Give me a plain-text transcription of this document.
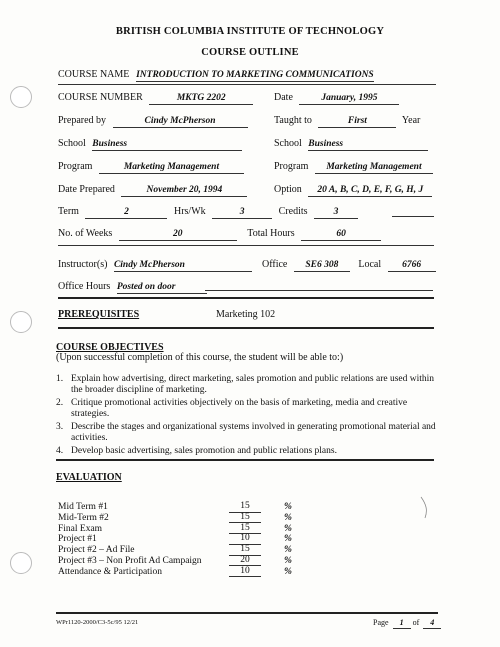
BRITISH COLUMBIA INSTITUTE OF TECHNOLOGY
COURSE OUTLINE
COURSE NAME INTRODUCTION TO MARKETING COMMUNICATIONS
COURSE NUMBER	MKTG 2202	Date	January, 1995
Prepared by	Cindy McPherson	Taught to	First	Year
School Business	School Business
Program	Marketing Management	Program Marketing Management
Date Prepared	November 20, 1994	Option 20 A, B, C, D, E, F, G, H, J
Term	2	Hrs/Wk	3	Credits	3
No. of Weeks	20	Total Hours	60
Instructor(s) Cindy McPherson	Office SE6 308 Local 6766
Office Hours Posted on door
PREREQUISITES	Marketing 102
COURSE OBJECTIVES
(Upon successful completion of this course, the student will be able to:)
1. Explain how advertising, direct marketing, sales promotion and public relations are used within the broader discipline of marketing.
2. Critique promotional activities objectively on the basis of marketing, media and creative strategies.
3. Describe the stages and organizational systems involved in generating promotional material and activities.
4. Develop basic advertising, sales promotion and public relations plans.
EVALUATION
Mid Term #1	15	%
Mid-Term #2	15	%
Final Exam	15	%
Project #1	10	%
Project #2 – Ad File	15	%
Project #3 – Non Profit Ad Campaign	20	%
Attendance & Participation	10	%
WPr1120-2000/C3-5c/95 12/21	Page 1 of 4
